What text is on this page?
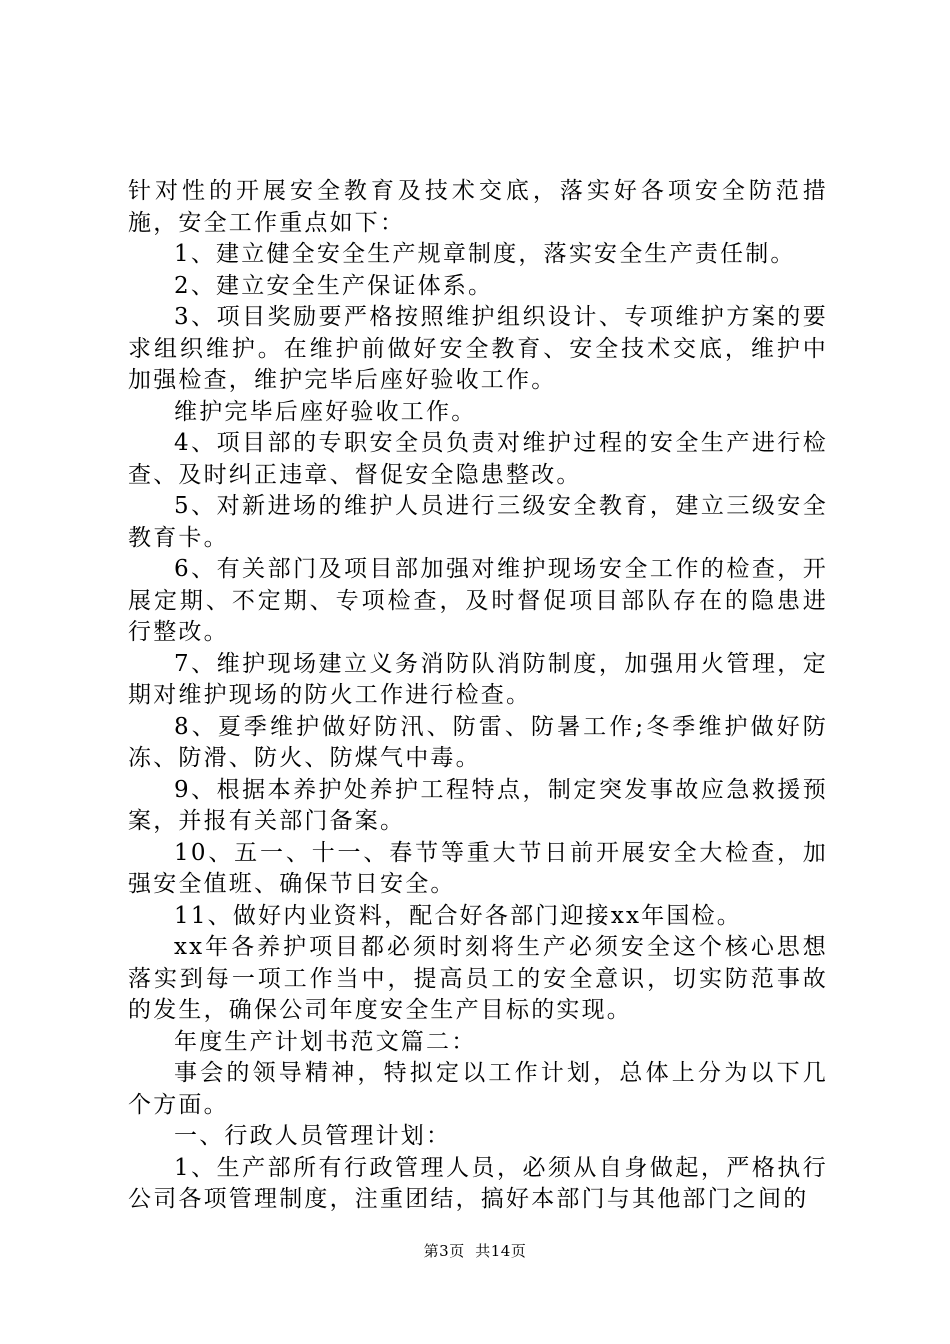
针对性的开展安全教育及技术交底，落实好各项安全防范措施，安全工作重点如下：

1、建立健全安全生产规章制度，落实安全生产责任制。

2、建立安全生产保证体系。

3、项目奖励要严格按照维护组织设计、专项维护方案的要求组织维护。在维护前做好安全教育、安全技术交底，维护中加强检查，维护完毕后座好验收工作。

维护完毕后座好验收工作。

4、项目部的专职安全员负责对维护过程的安全生产进行检查、及时纠正违章、督促安全隐患整改。

5、对新进场的维护人员进行三级安全教育，建立三级安全教育卡。

6、有关部门及项目部加强对维护现场安全工作的检查，开展定期、不定期、专项检查，及时督促项目部队存在的隐患进行整改。

7、维护现场建立义务消防队消防制度，加强用火管理，定期对维护现场的防火工作进行检查。

8、夏季维护做好防汛、防雷、防暑工作;冬季维护做好防冻、防滑、防火、防煤气中毒。

9、根据本养护处养护工程特点，制定突发事故应急救援预案，并报有关部门备案。

10、五一、十一、春节等重大节日前开展安全大检查，加强安全值班、确保节日安全。

11、做好内业资料，配合好各部门迎接xx年国检。

xx年各养护项目都必须时刻将生产必须安全这个核心思想落实到每一项工作当中，提高员工的安全意识，切实防范事故的发生，确保公司年度安全生产目标的实现。

年度生产计划书范文篇二：

事会的领导精神，特拟定以工作计划，总体上分为以下几个方面。

一、行政人员管理计划：

1、生产部所有行政管理人员，必须从自身做起，严格执行公司各项管理制度，注重团结，搞好本部门与其他部门之间的

第3页 共14页
